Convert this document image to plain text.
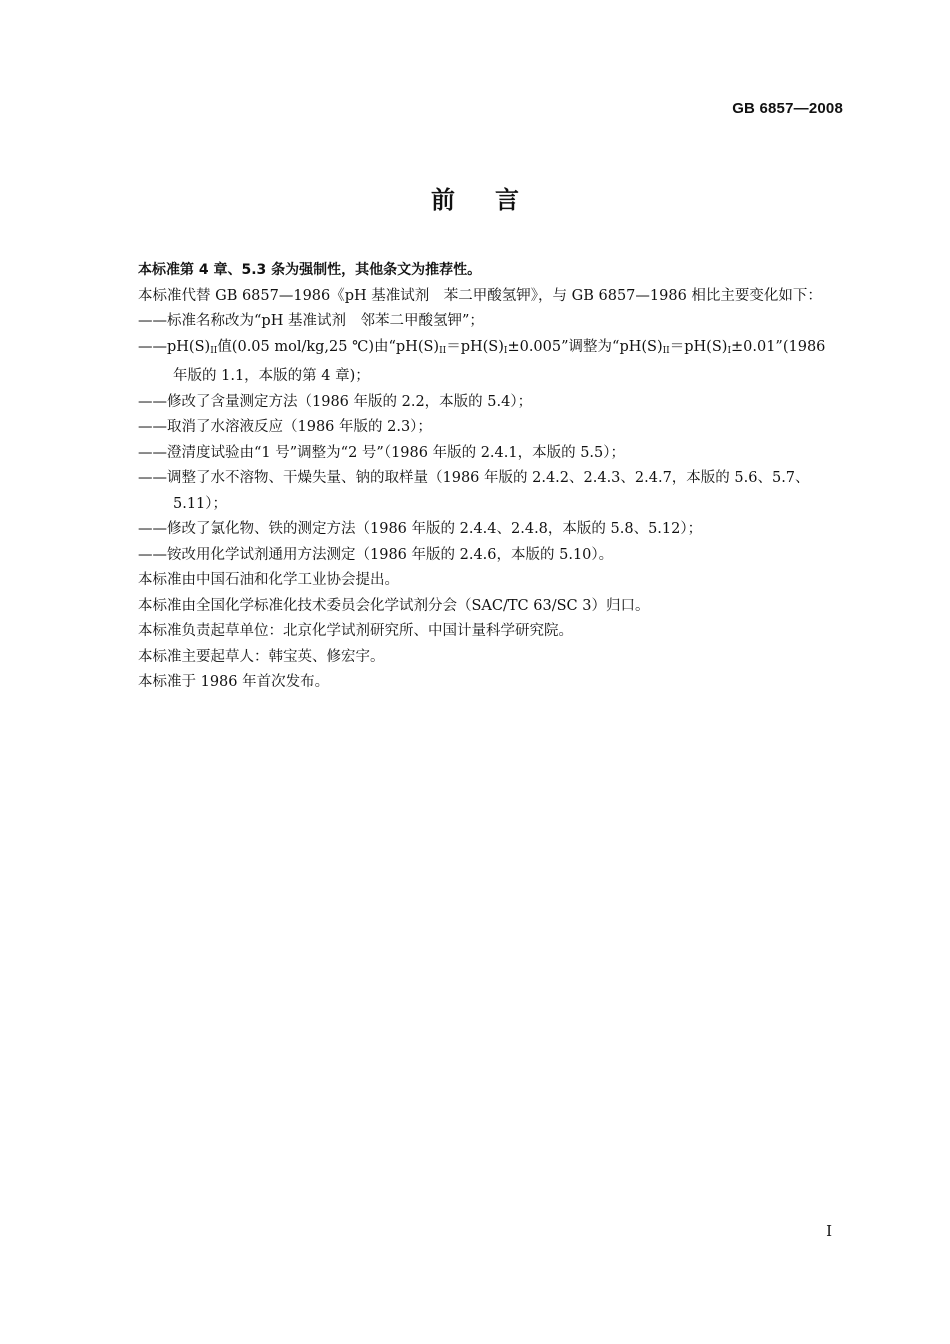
GB 6857—2008
前言

本标准第 4 章、5.3 条为强制性，其他条文为推荐性。

本标准代替 GB 6857—1986《pH 基准试剂　苯二甲酸氢钾》，与 GB 6857—1986 相比主要变化如下：

——标准名称改为“pH 基准试剂　邻苯二甲酸氢钾”；

$——pH(S)_{II}$值(0.05 mol/kg,25 ℃)由“$pH(S)_{II}=pH(S)_I\pm 0.005$”调整为“$pH(S)_{II}=pH(S)_I\pm 0.01”(1986$ 年版的 1.1，本版的第 4 章)；

——修改了含量测定方法（1986 年版的 2.2，本版的 5.4）；

——取消了水溶液反应（1986 年版的 2.3）；

——澄清度试验由“1 号”调整为“2 号”（1986 年版的 2.4.1，本版的 5.5）；

——调整了水不溶物、干燥失量、钠的取样量（1986 年版的 2.4.2、2.4.3、2.4.7，本版的 5.6、5.7、5.11）；

——修改了氯化物、铁的测定方法（1986 年版的 2.4.4、2.4.8，本版的 5.8、5.12）；

——铵改用化学试剂通用方法测定（1986 年版的 2.4.6，本版的 5.10）。

本标准由中国石油和化学工业协会提出。

本标准由全国化学标准化技术委员会化学试剂分会（SAC/TC 63/SC 3）归口。

本标准负责起草单位：北京化学试剂研究所、中国计量科学研究院。

本标准主要起草人：韩宝英、修宏宇。

本标准于 1986 年首次发布。

I
